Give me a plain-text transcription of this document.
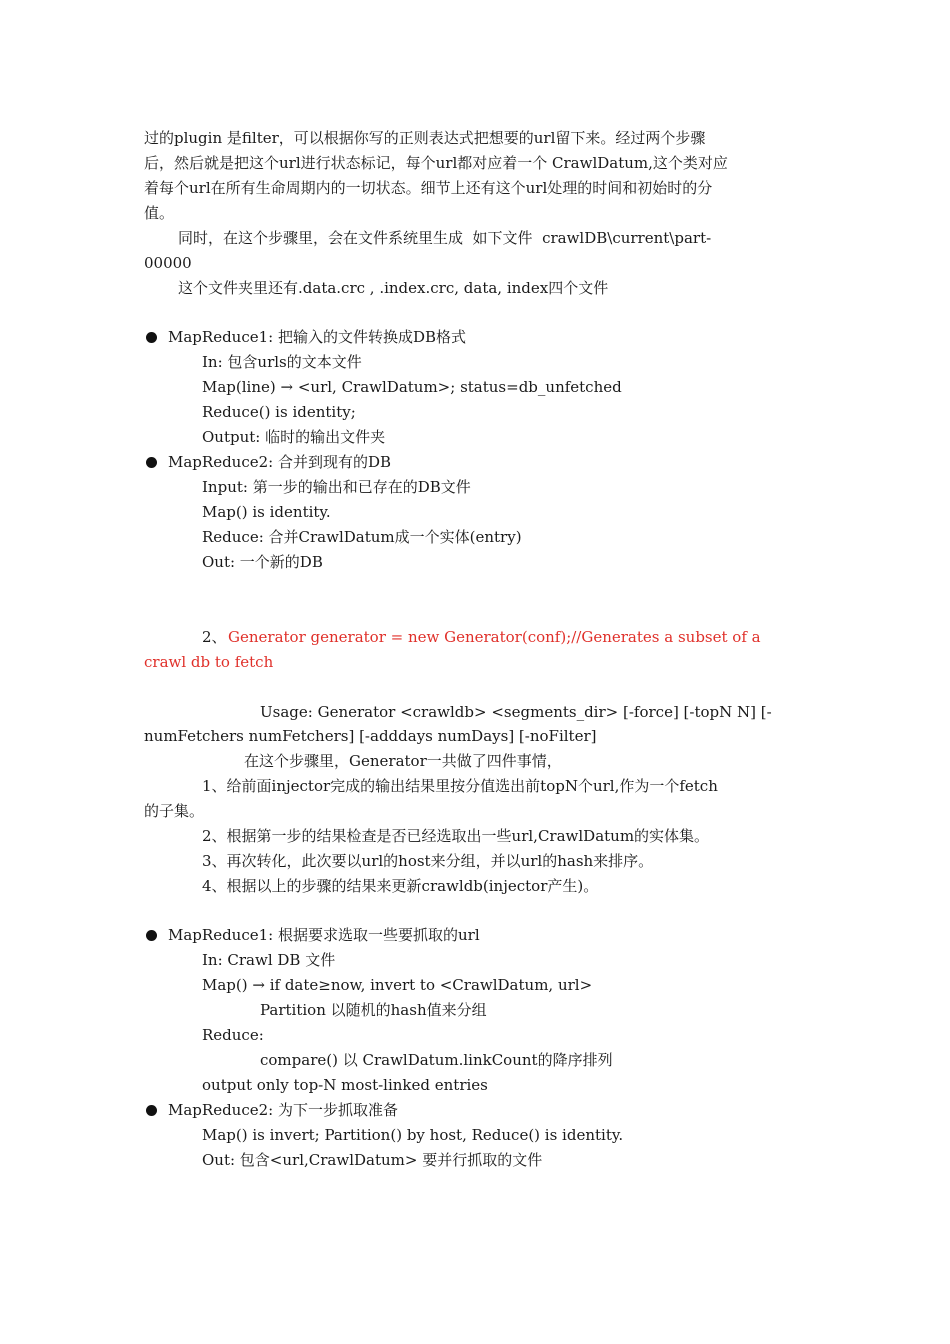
过的plugin 是filter，可以根据你写的正则表达式把想要的url留下来。经过两个步骤
后，然后就是把这个url进行状态标记，每个url都对应着一个 CrawlDatum,这个类对应
着每个url在所有生命周期内的一切状态。细节上还有这个url处理的时间和初始时的分
值。
同时，在这个步骤里，会在文件系统里生成  如下文件  crawlDB\current\part-
00000
这个文件夹里还有.data.crc , .index.crc, data, index四个文件
MapReduce1: 把输入的文件转换成DB格式
In: 包含urls的文本文件
Map(line) → <url, CrawlDatum>; status=db_unfetched
Reduce() is identity;
Output: 临时的输出文件夹
MapReduce2: 合并到现有的DB
Input: 第一步的输出和已存在的DB文件
Map() is identity.
Reduce: 合并CrawlDatum成一个实体(entry)
Out: 一个新的DB
2、 Generator generator = new Generator(conf);//Generates a subset of a
crawl db to fetch
Usage: Generator <crawldb> <segments_dir> [-force] [-topN N] [-
numFetchers numFetchers] [-adddays numDays] [-noFilter]
在这个步骤里，Generator一共做了四件事情，
1、给前面injector完成的输出结果里按分值选出前topN个url,作为一个fetch
的子集。
2、根据第一步的结果检查是否已经选取出一些url,CrawlDatum的实体集。
3、再次转化，此次要以url的host来分组，并以url的hash来排序。
4、根据以上的步骤的结果来更新crawldb(injector产生)。
MapReduce1: 根据要求选取一些要抓取的url
In: Crawl DB 文件
Map() → if date≥now, invert to <CrawlDatum, url>
Partition 以随机的hash值来分组
Reduce:
compare() 以 CrawlDatum.linkCount的降序排列
output only top-N most-linked entries
MapReduce2: 为下一步抓取准备
Map() is invert; Partition() by host, Reduce() is identity.
Out: 包含<url,CrawlDatum> 要并行抓取的文件
